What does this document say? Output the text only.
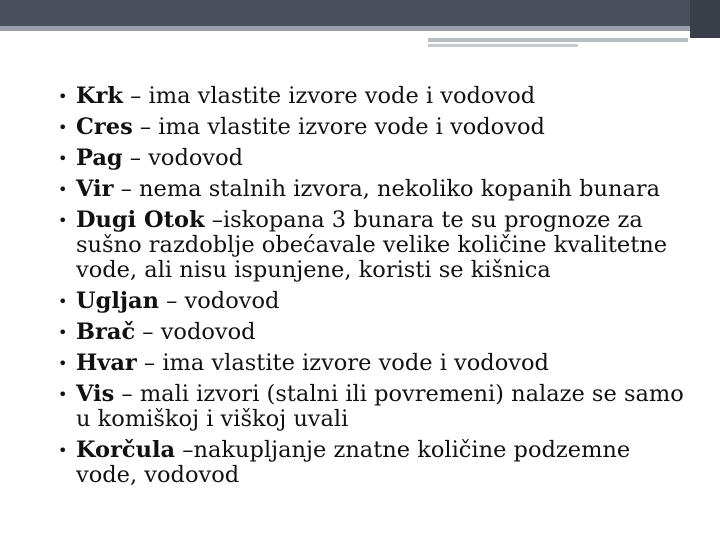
• Krk – ima vlastite izvore vode i vodovod
• Cres – ima vlastite izvore vode i vodovod
• Pag – vodovod
• Vir – nema stalnih izvora, nekoliko kopanih bunara
• Dugi Otok –iskopana 3 bunara te su prognoze za sušno razdoblje obećavale velike količine kvalitetne vode, ali nisu ispunjene, koristi se kišnica
• Ugljan – vodovod
• Brač – vodovod
• Hvar – ima vlastite izvore vode i vodovod
• Vis – mali izvori (stalni ili povremeni) nalaze se samo u komiškoj i viškoj uvali
• Korčula –nakupljanje znatne količine podzemne vode, vodovod
